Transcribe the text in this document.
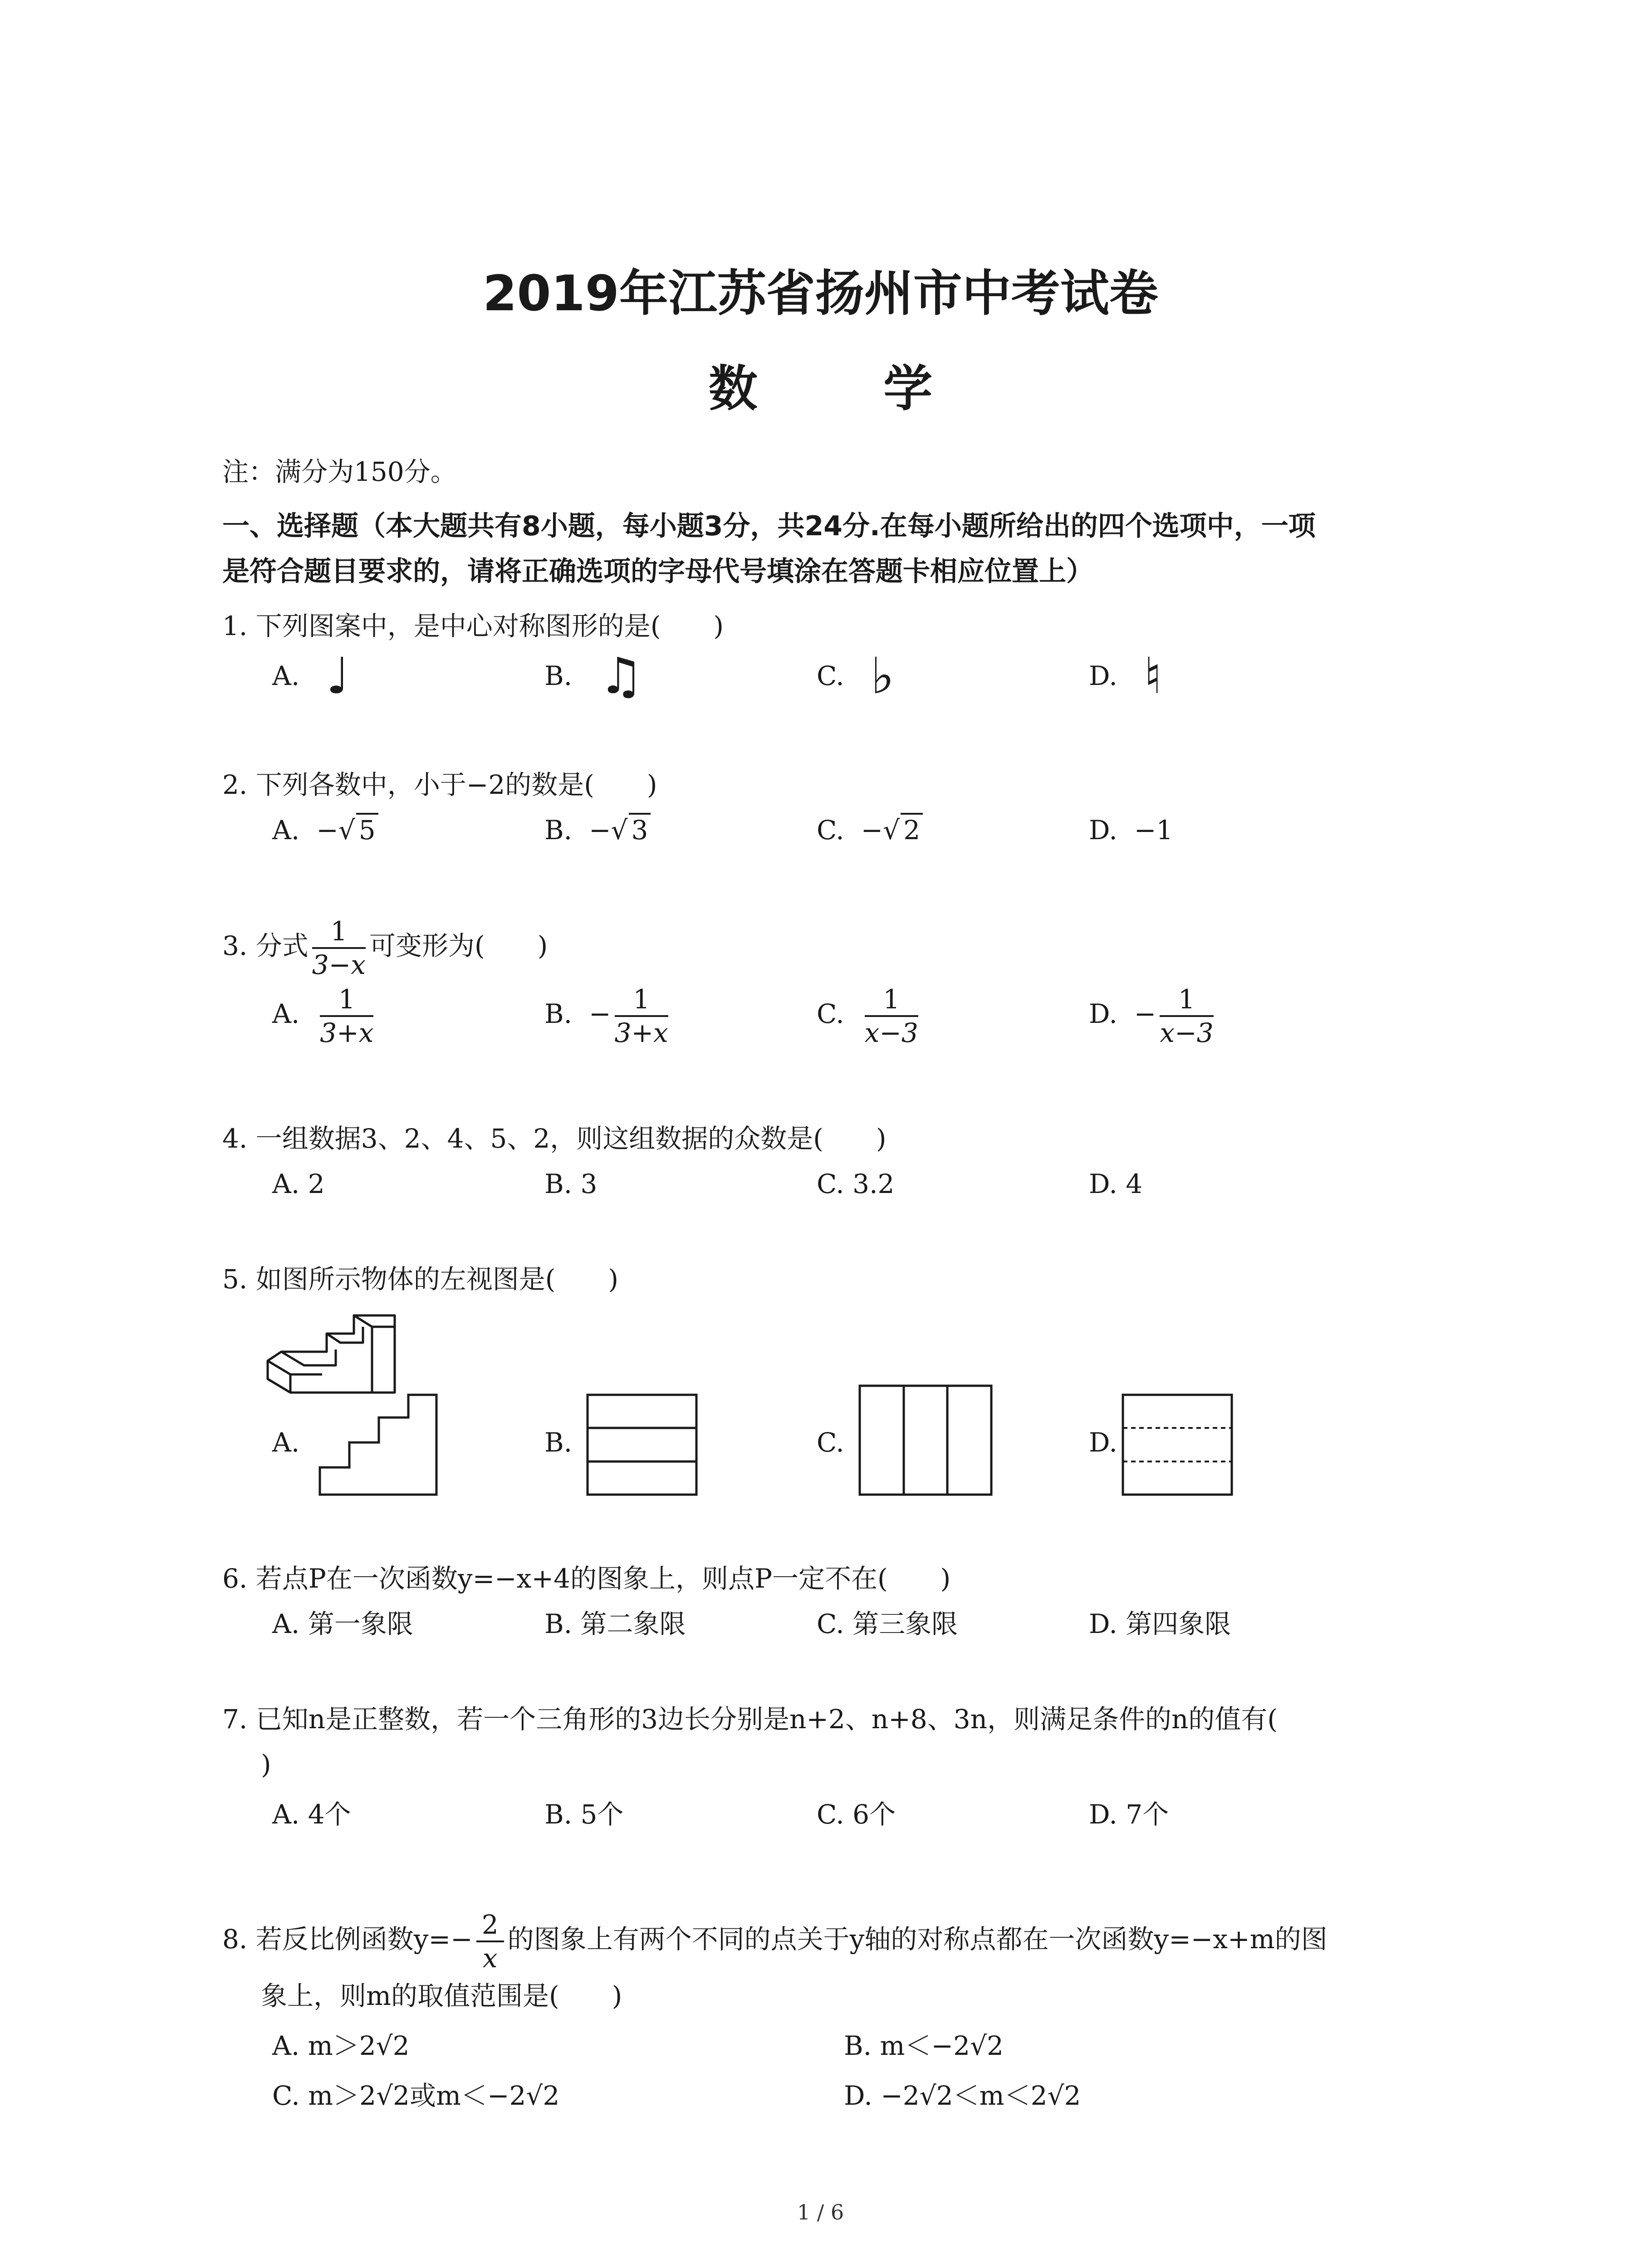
2019年江苏省扬州市中考试卷
数 学
注：满分为150分。
一、选择题（本大题共有8小题，每小题3分，共24分.在每小题所给出的四个选项中，一项
是符合题目要求的，请将正确选项的字母代号填涂在答题卡相应位置上）
1. 下列图案中，是中心对称图形的是(　　)
A. ♩	B. ♫	C. ♭	D. ♮
2. 下列各数中，小于−2的数是(　　)
A. −√ 5	B. −√ 3	C. −√ 2	D. −1
3. 分式 $\frac{1}{3-x}$ 可变形为(　　)
A. $\frac{1}{3+x}$	B. − $\frac{1}{3+x}$	C. $\frac{1}{x-3}$	D. − $\frac{1}{x-3}$
4. 一组数据3、2、4、5、2，则这组数据的众数是(　　)
A. 2	B. 3	C. 3.2	D. 4
5. 如图所示物体的左视图是(　　)
A.	B.	C.	D.
6. 若点P在一次函数y=−x+4的图象上，则点P一定不在(　　)
A. 第一象限	B. 第二象限	C. 第三象限	D. 第四象限
7. 已知n是正整数，若一个三角形的3边长分别是n+2、n+8、3n，则满足条件的n的值有(
)
A. 4个	B. 5个	C. 6个	D. 7个
8. 若反比例函数$y=- \frac{2}{x}$ 的图象上有两个不同的点关于y轴的对称点都在一次函数y=−x+m的图
象上，则m的取值范围是(　　)
A. m＞2√2	B. m＜−2√2
C. m＞2√2或m＜−2√2	D. −2√2＜m＜2√2
1 / 6
